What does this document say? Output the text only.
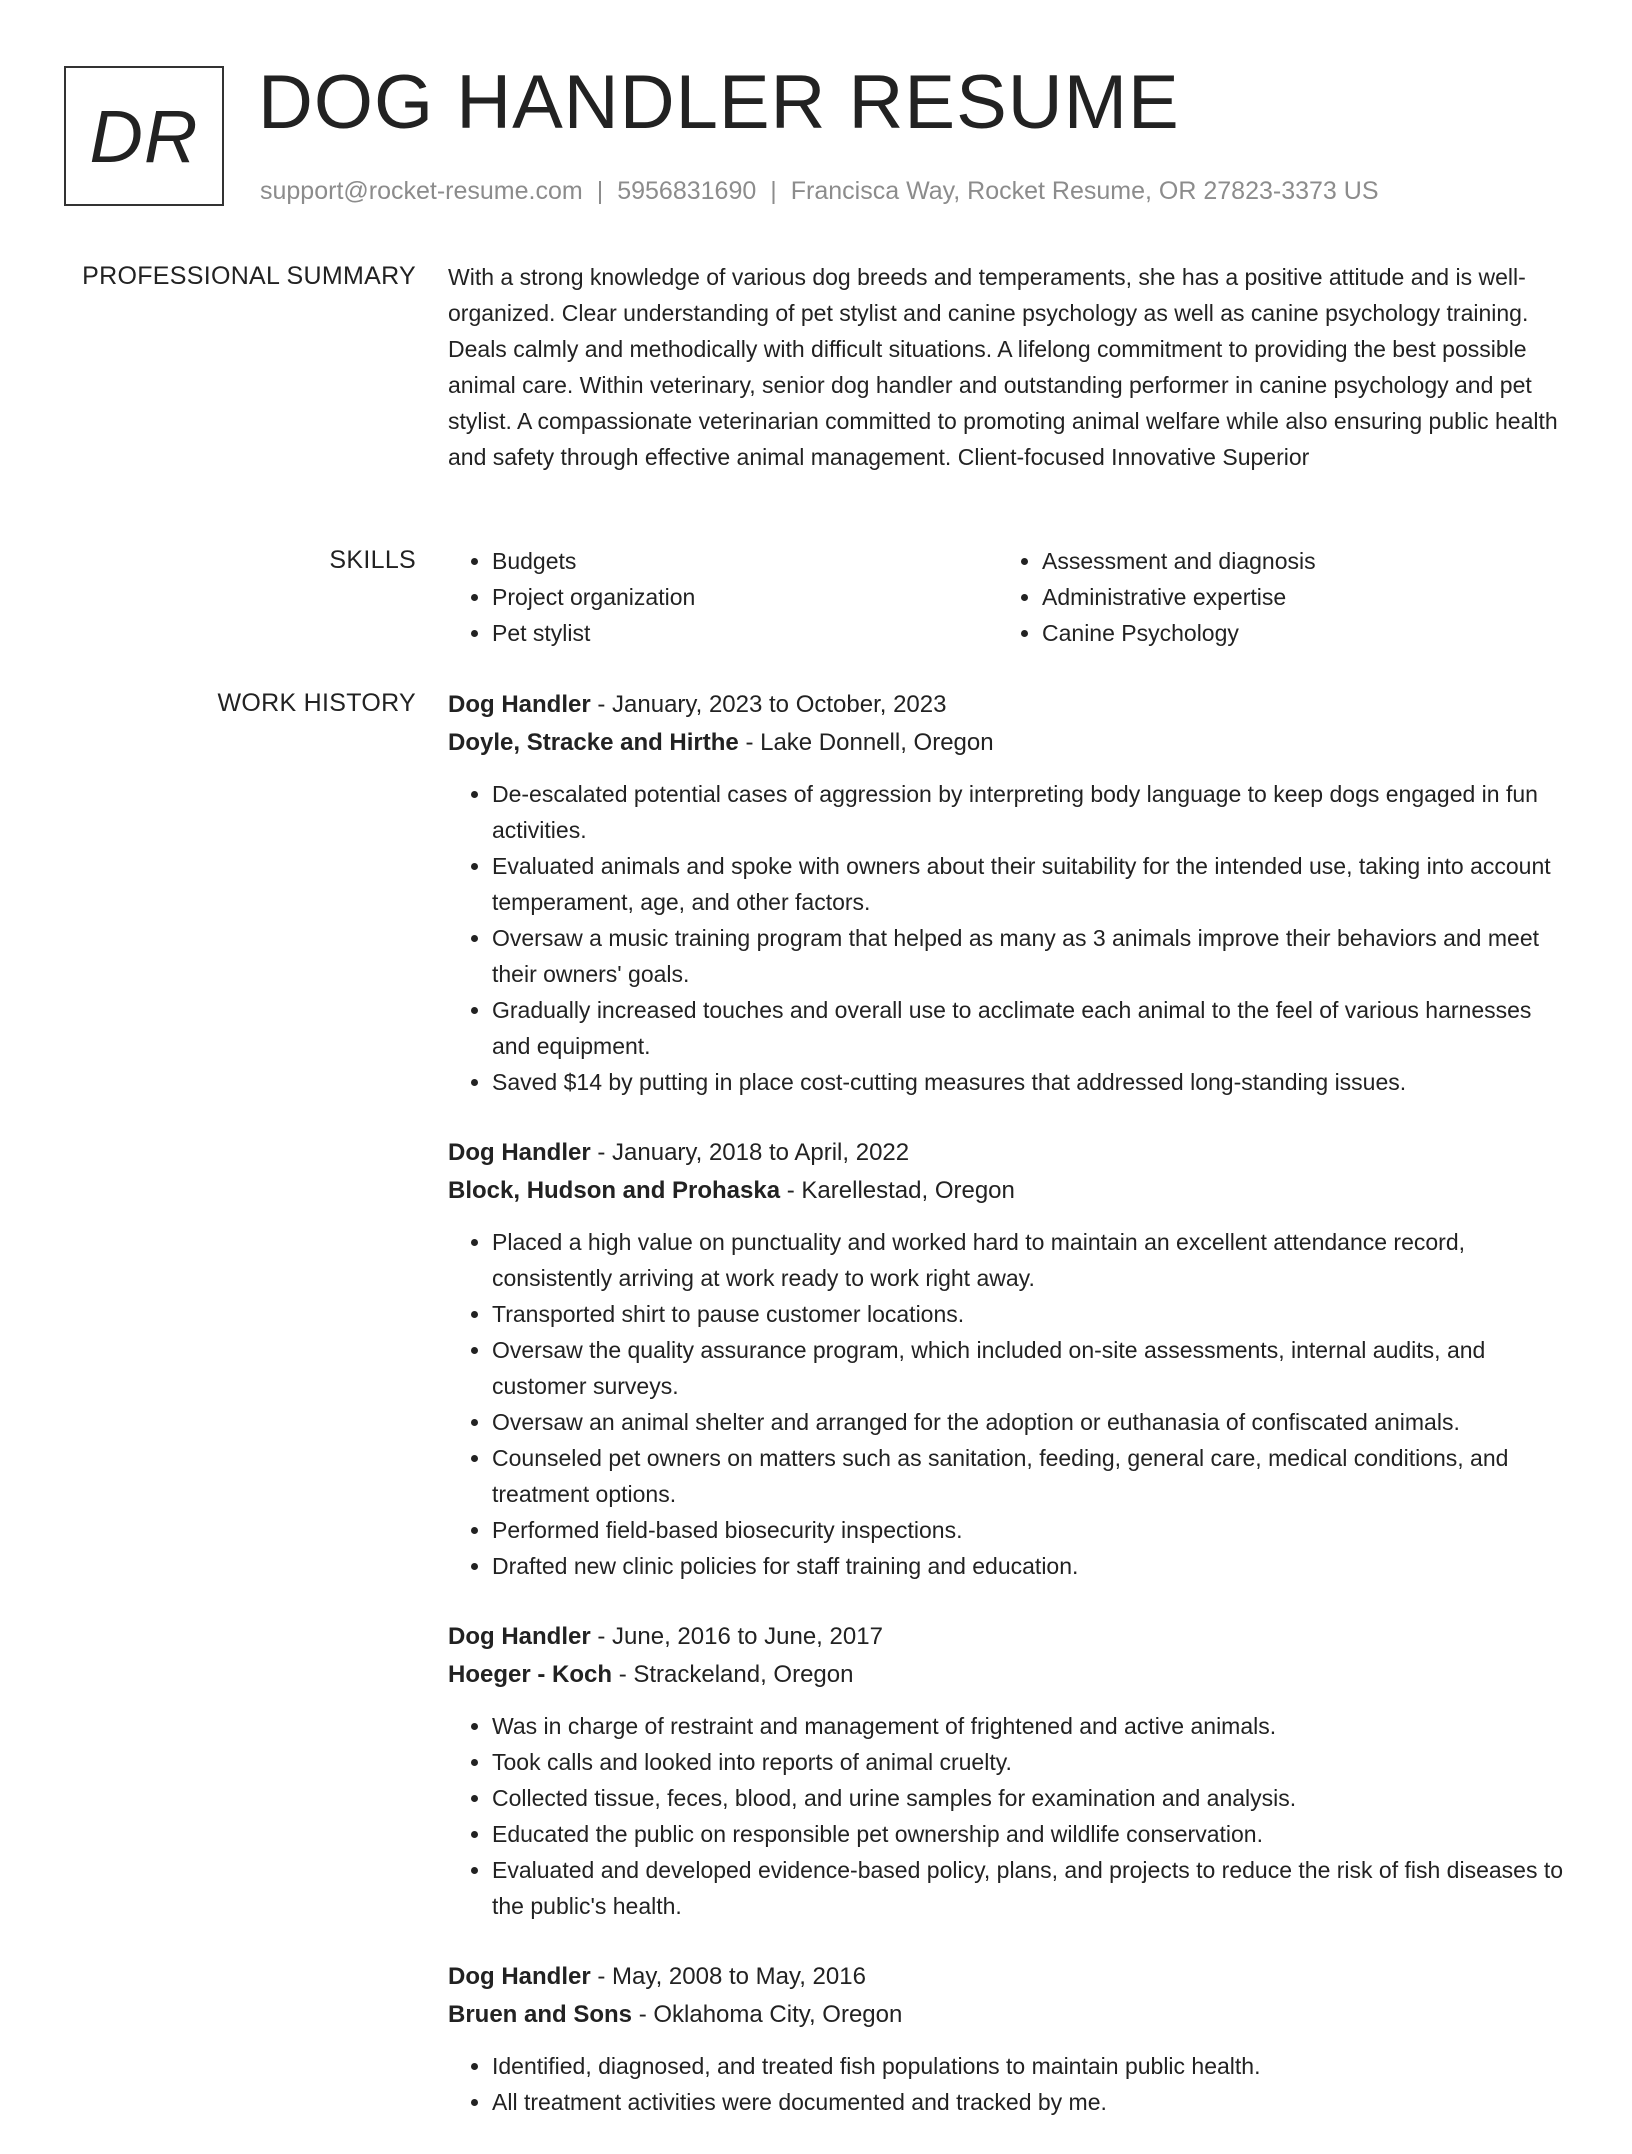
DR DOG HANDLER RESUME
support@rocket-resume.com | 5956831690 | Francisca Way, Rocket Resume, OR 27823-3373 US
PROFESSIONAL SUMMARY With a strong knowledge of various dog breeds and temperaments, she has a positive attitude and is well-organized. Clear understanding of pet stylist and canine psychology as well as canine psychology training. Deals calmly and methodically with difficult situations. A lifelong commitment to providing the best possible animal care. Within veterinary, senior dog handler and outstanding performer in canine psychology and pet stylist. A compassionate veterinarian committed to promoting animal welfare while also ensuring public health and safety through effective animal management. Client-focused Innovative Superior

SKILLS
•	Budgets
• Project organization
• Pet stylist
• Assessment and diagnosis
• Administrative expertise
• Canine Psychology
WORK HISTORY Dog Handler - January, 2023 to October, 2023
Doyle, Stracke and Hirthe - Lake Donnell, Oregon
• De-escalated potential cases of aggression by interpreting body language to keep dogs engaged in fun activities.
• Evaluated animals and spoke with owners about their suitability for the intended use, taking into account temperament, age, and other factors.
• Oversaw a music training program that helped as many as 3 animals improve their behaviors and meet their owners' goals.
• Gradually increased touches and overall use to acclimate each animal to the feel of various harnesses and equipment.
• Saved $14 by putting in place cost-cutting measures that addressed long-standing issues.
Dog Handler - January, 2018 to April, 2022
Block, Hudson and Prohaska - Karellestad, Oregon
• Placed a high value on punctuality and worked hard to maintain an excellent attendance record, consistently arriving at work ready to work right away.
• Transported shirt to pause customer locations.
• Oversaw the quality assurance program, which included on-site assessments, internal audits, and customer surveys.
• Oversaw an animal shelter and arranged for the adoption or euthanasia of confiscated animals.
• Counseled pet owners on matters such as sanitation, feeding, general care, medical conditions, and treatment options.
• Performed field-based biosecurity inspections.
• Drafted new clinic policies for staff training and education.
Dog Handler - June, 2016 to June, 2017
Hoeger - Koch - Strackeland, Oregon
• Was in charge of restraint and management of frightened and active animals.
• Took calls and looked into reports of animal cruelty.
• Collected tissue, feces, blood, and urine samples for examination and analysis.
• Educated the public on responsible pet ownership and wildlife conservation.
• Evaluated and developed evidence-based policy, plans, and projects to reduce the risk of fish diseases to the public's health.
Dog Handler - May, 2008 to May, 2016
Bruen and Sons - Oklahoma City, Oregon
• Identified, diagnosed, and treated fish populations to maintain public health.
• All treatment activities were documented and tracked by me.
